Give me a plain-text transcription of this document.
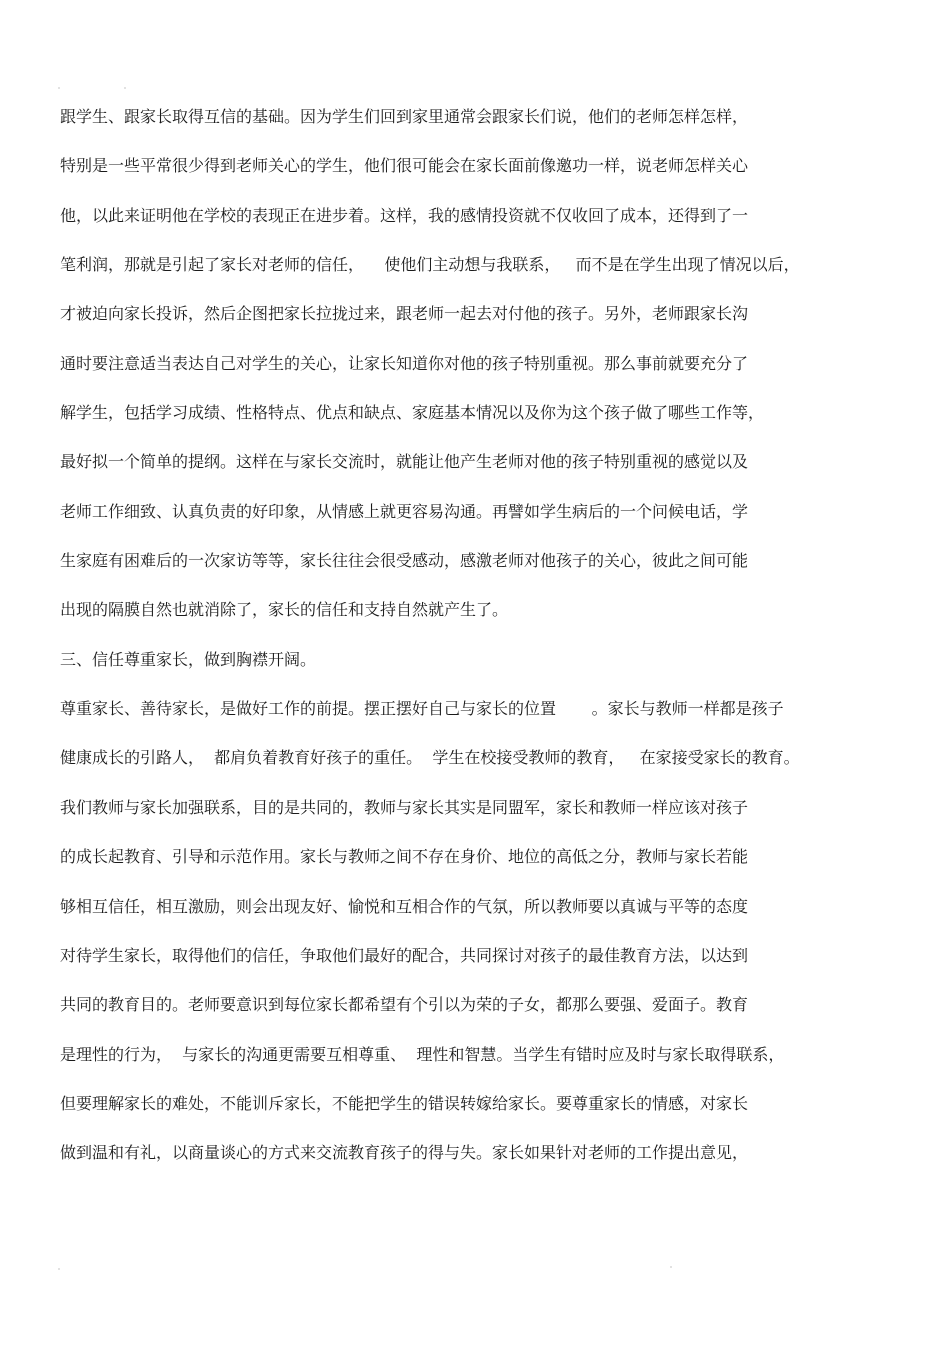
跟学生、跟家长取得互信的基础。因为学生们回到家里通常会跟家长们说，他们的老师怎样怎样，
特别是一些平常很少得到老师关心的学生，他们很可能会在家长面前像邀功一样，说老师怎样关心
他，以此来证明他在学校的表现正在进步着。这样，我的感情投资就不仅收回了成本，还得到了一
笔利润，那就是引起了家长对老师的信任，    使他们主动想与我联系，   而不是在学生出现了情况以后，
才被迫向家长投诉，然后企图把家长拉拢过来，跟老师一起去对付他的孩子。另外，老师跟家长沟
通时要注意适当表达自己对学生的关心，让家长知道你对他的孩子特别重视。那么事前就要充分了
解学生，包括学习成绩、性格特点、优点和缺点、家庭基本情况以及你为这个孩子做了哪些工作等，
最好拟一个简单的提纲。这样在与家长交流时，就能让他产生老师对他的孩子特别重视的感觉以及
老师工作细致、认真负责的好印象，从情感上就更容易沟通。再譬如学生病后的一个问候电话，学
生家庭有困难后的一次家访等等，家长往往会很受感动，感激老师对他孩子的关心，彼此之间可能
出现的隔膜自然也就消除了，家长的信任和支持自然就产生了。
三、信任尊重家长，做到胸襟开阔。
尊重家长、善待家长，是做好工作的前提。摆正摆好自己与家长的位置       。家长与教师一样都是孩子
健康成长的引路人，  都肩负着教育好孩子的重任。  学生在校接受教师的教育，   在家接受家长的教育。
我们教师与家长加强联系，目的是共同的，教师与家长其实是同盟军，家长和教师一样应该对孩子
的成长起教育、引导和示范作用。家长与教师之间不存在身价、地位的高低之分，教师与家长若能
够相互信任，相互激励，则会出现友好、愉悦和互相合作的气氛，所以教师要以真诚与平等的态度
对待学生家长，取得他们的信任，争取他们最好的配合，共同探讨对孩子的最佳教育方法，以达到
共同的教育目的。老师要意识到每位家长都希望有个引以为荣的子女，都那么要强、爱面子。教育
是理性的行为，  与家长的沟通更需要互相尊重、  理性和智慧。当学生有错时应及时与家长取得联系，
但要理解家长的难处，不能训斥家长，不能把学生的错误转嫁给家长。要尊重家长的情感，对家长
做到温和有礼，以商量谈心的方式来交流教育孩子的得与失。家长如果针对老师的工作提出意见，
